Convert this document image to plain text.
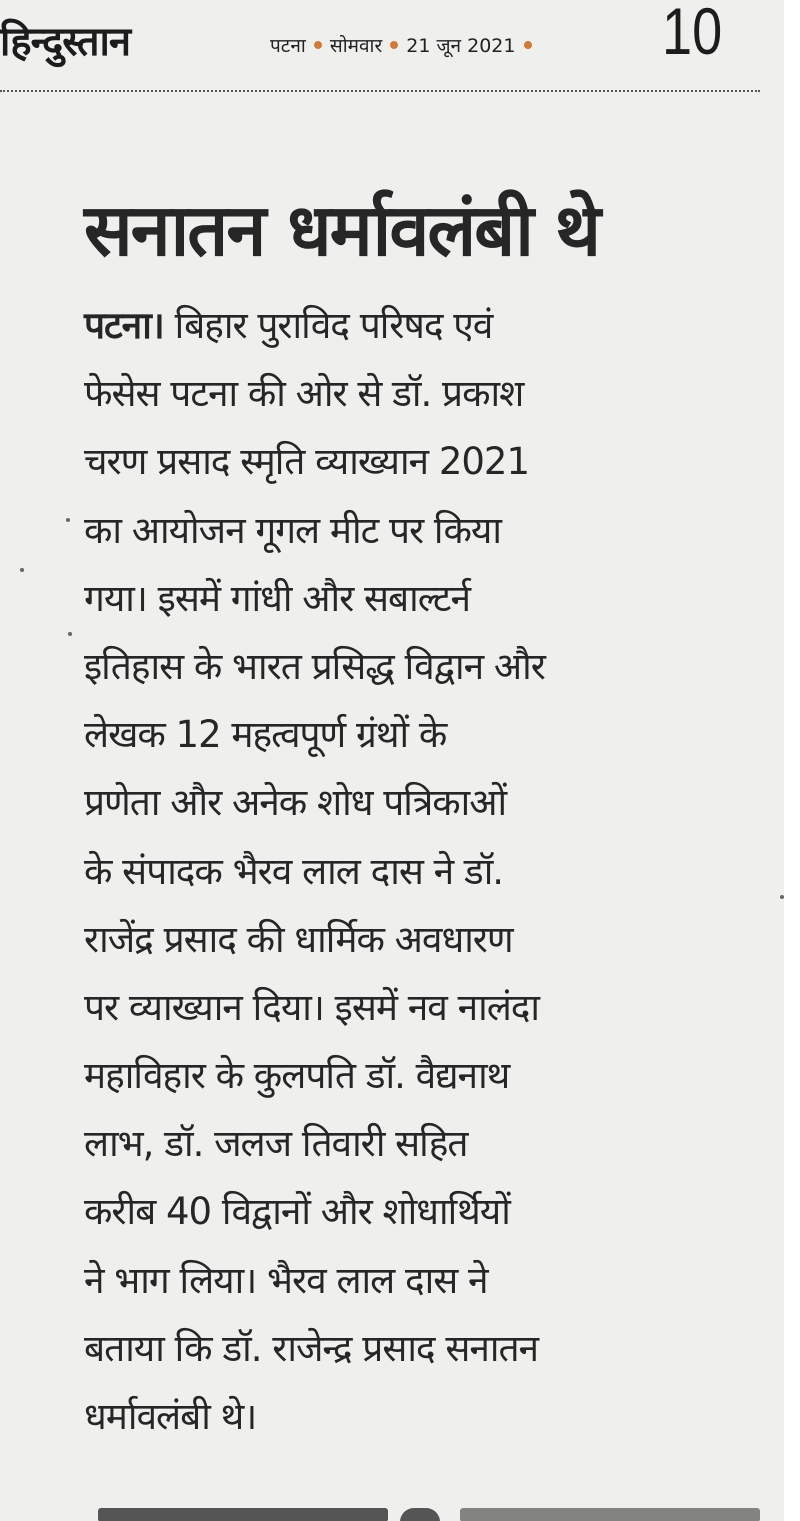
हिन्दुस्तान	पटना सोमवार 21 जून 2021 10
सनातन धर्मावलंबी थे
पटना। बिहार पुराविद परिषद एवं
फेसेस पटना की ओर से डॉ. प्रकाश
चरण प्रसाद स्मृति व्याख्यान 2021
का आयोजन गूगल मीट पर किया
गया। इसमें गांधी और सबाल्टर्न
इतिहास के भारत प्रसिद्ध विद्वान और
लेखक 12 महत्वपूर्ण ग्रंथों के
प्रणेता और अनेक शोध पत्रिकाओं
के संपादक भैरव लाल दास ने डॉ.
राजेंद्र प्रसाद की धार्मिक अवधारण
पर व्याख्यान दिया। इसमें नव नालंदा
महाविहार के कुलपति डॉ. वैद्यनाथ
लाभ, डॉ. जलज तिवारी सहित
करीब 40 विद्वानों और शोधार्थियों
ने भाग लिया। भैरव लाल दास ने
बताया कि डॉ. राजेन्द्र प्रसाद सनातन
धर्मावलंबी थे।
